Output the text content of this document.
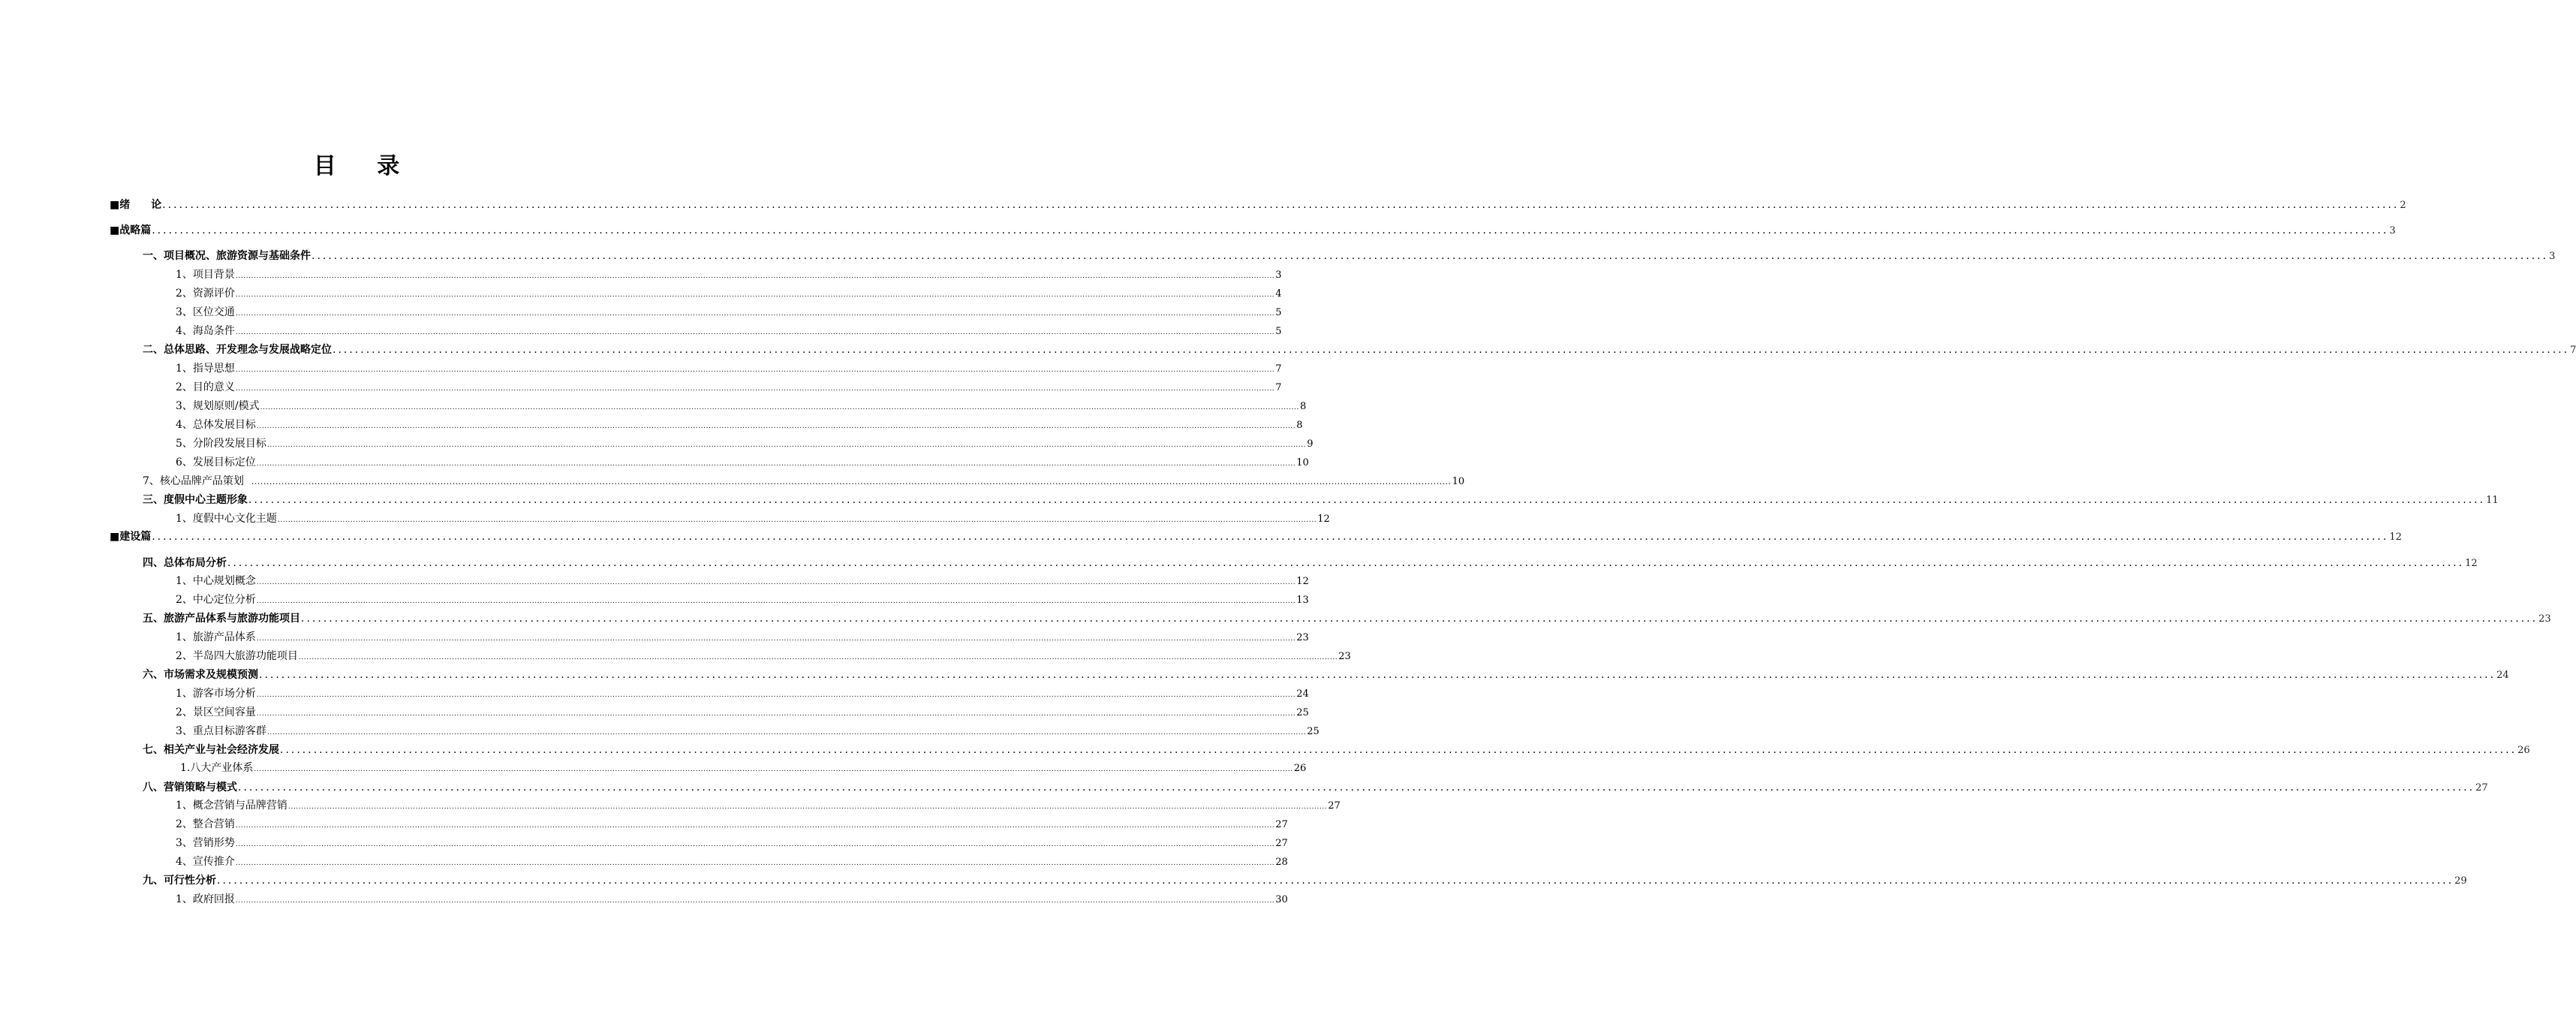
目 录
■绪　　论 ................................................................................................................................................................................................................................................................................................................................................................................................................ 2
■战略篇 ................................................................................................................................................................................................................................................................................................................................................................................................................ 3
一、项目概况、旅游资源与基础条件 ................................................................................................................................................................................................................................................................................................................................................................................................................ 3
1、项目背景 ................................................................................................................................................................................................................................................................................................................................................................................................................ 3
2、资源评价 ................................................................................................................................................................................................................................................................................................................................................................................................................ 4
3、区位交通 ................................................................................................................................................................................................................................................................................................................................................................................................................ 5
4、海岛条件 ................................................................................................................................................................................................................................................................................................................................................................................................................ 5
二、总体思路、开发理念与发展战略定位 ................................................................................................................................................................................................................................................................................................................................................................................................................ 7
1、指导思想 ................................................................................................................................................................................................................................................................................................................................................................................................................ 7
2、目的意义 ................................................................................................................................................................................................................................................................................................................................................................................................................ 7
3、规划原则/模式 ................................................................................................................................................................................................................................................................................................................................................................................................................ 8
4、总体发展目标 ................................................................................................................................................................................................................................................................................................................................................................................................................ 8
5、分阶段发展目标 ................................................................................................................................................................................................................................................................................................................................................................................................................ 9
6、发展目标定位 ................................................................................................................................................................................................................................................................................................................................................................................................................ 10
7、核心品牌产品策划 ................................................................................................................................................................................................................................................................................................................................................................................................................ 10
三、度假中心主题形象 ................................................................................................................................................................................................................................................................................................................................................................................................................ 11
1、度假中心文化主题 ................................................................................................................................................................................................................................................................................................................................................................................................................ 12
■建设篇 ................................................................................................................................................................................................................................................................................................................................................................................................................ 12
四、总体布局分析 ................................................................................................................................................................................................................................................................................................................................................................................................................ 12
1、中心规划概念 ................................................................................................................................................................................................................................................................................................................................................................................................................ 12
2、中心定位分析 ................................................................................................................................................................................................................................................................................................................................................................................................................ 13
五、旅游产品体系与旅游功能项目 ................................................................................................................................................................................................................................................................................................................................................................................................................ 23
1、旅游产品体系 ................................................................................................................................................................................................................................................................................................................................................................................................................ 23
2、半岛四大旅游功能项目 ................................................................................................................................................................................................................................................................................................................................................................................................................ 23
六、市场需求及规模预测 ................................................................................................................................................................................................................................................................................................................................................................................................................ 24
1、游客市场分析 ................................................................................................................................................................................................................................................................................................................................................................................................................ 24
2、景区空间容量 ................................................................................................................................................................................................................................................................................................................................................................................................................ 25
3、重点目标游客群 ................................................................................................................................................................................................................................................................................................................................................................................................................ 25
七、相关产业与社会经济发展 ................................................................................................................................................................................................................................................................................................................................................................................................................ 26
1.八大产业体系 ................................................................................................................................................................................................................................................................................................................................................................................................................ 26
八、营销策略与模式 ................................................................................................................................................................................................................................................................................................................................................................................................................ 27
1、概念营销与品牌营销 ................................................................................................................................................................................................................................................................................................................................................................................................................ 27
2、整合营销 ................................................................................................................................................................................................................................................................................................................................................................................................................ 27
3、营销形势 ................................................................................................................................................................................................................................................................................................................................................................................................................ 27
4、宣传推介 ................................................................................................................................................................................................................................................................................................................................................................................................................ 28
九、可行性分析 ................................................................................................................................................................................................................................................................................................................................................................................................................ 29
1、政府回报 ................................................................................................................................................................................................................................................................................................................................................................................................................ 30
